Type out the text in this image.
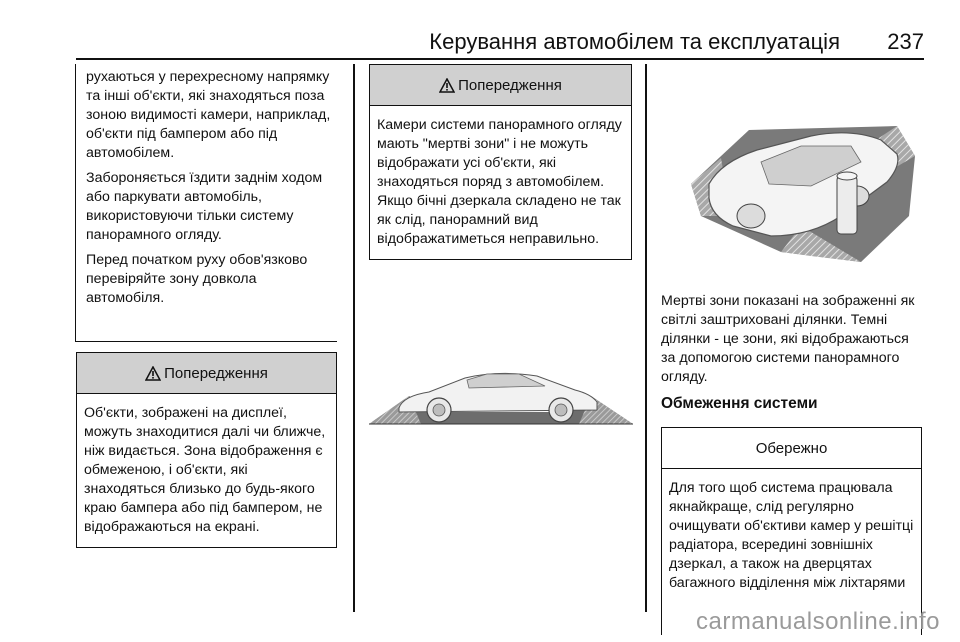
Керування автомобілем та експлуатація 237

рухаються у перехресному напрямку та інші об'єкти, які знаходяться поза зоною видимості камери, наприклад, об'єкти під бампером або під автомобілем.

Забороняється їздити заднім ходом або паркувати автомобіль, використовуючи тільки систему панорамного огляду.

Перед початком руху обов'язково перевіряйте зону довкола автомобіля.

Попередження

Об'єкти, зображені на дисплеї, можуть знаходитися далі чи ближче, ніж видається. Зона відображення є обмеженою, і об'єкти, які знаходяться близько до будь-якого краю бампера або під бампером, не відображаються на екрані.

Попередження

Камери системи панорамного огляду мають "мертві зони" і не можуть відображати усі об'єкти, які знаходяться поряд з автомобілем. Якщо бічні дзеркала складено не так як слід, панорамний вид відображатиметься неправильно.

Мертві зони показані на зображенні як світлі заштриховані ділянки. Темні ділянки - це зони, які відображаються за допомогою системи панорамного огляду.

Обмеження системи
Обережно

Для того щоб система працювала якнайкраще, слід регулярно очищувати об'єктиви камер у решітці радіатора, всередині зовнішніх дзеркал, а також на дверцятах багажного відділення між ліхтарями

carmanualsonline.info
